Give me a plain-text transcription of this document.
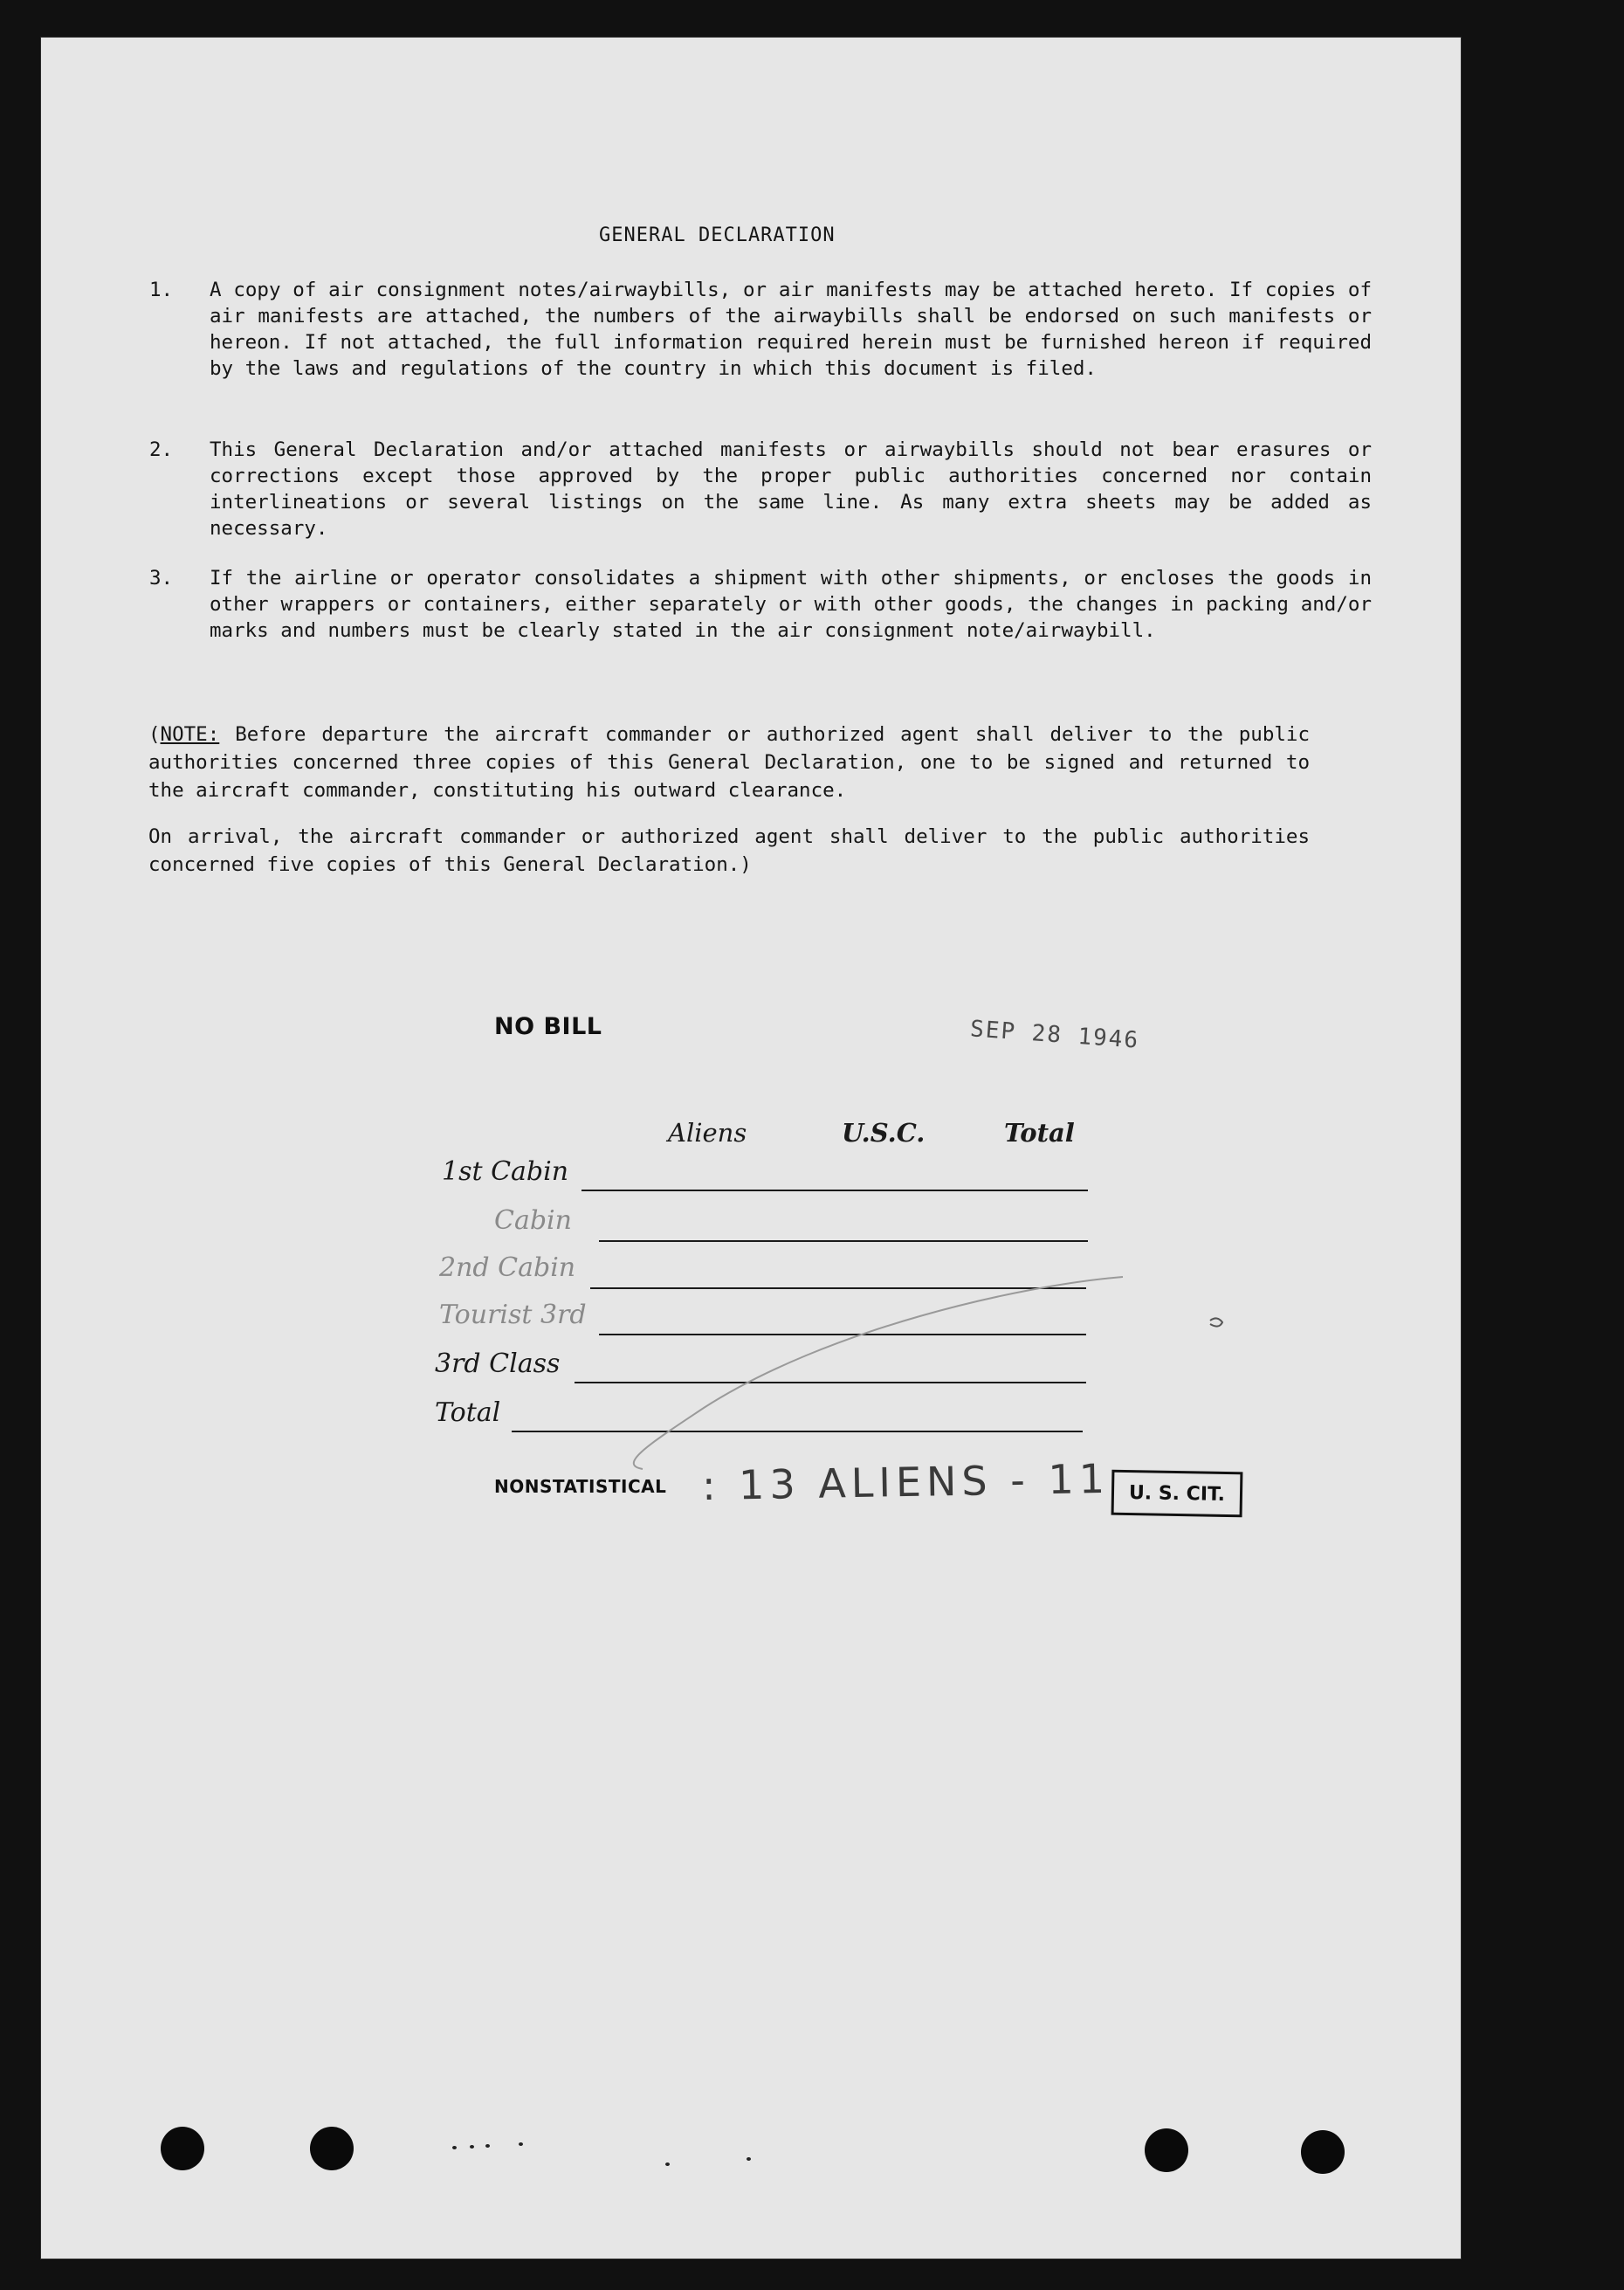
GENERAL DECLARATION
1. A copy of air consignment notes/airwaybills, or air manifests may be attached hereto. If copies of air manifests are attached, the numbers of the airwaybills shall be endorsed on such manifests or hereon. If not attached, the full information required herein must be furnished hereon if required by the laws and regulations of the country in which this document is filed.
2. This General Declaration and/or attached manifests or airwaybills should not bear erasures or corrections except those approved by the proper public authorities concerned nor contain interlineations or several listings on the same line. As many extra sheets may be added as necessary.
3. If the airline or operator consolidates a shipment with other shipments, or encloses the goods in other wrappers or containers, either separately or with other goods, the changes in packing and/or marks and numbers must be clearly stated in the air consignment note/airwaybill.
(NOTE: Before departure the aircraft commander or authorized agent shall deliver to the public authorities concerned three copies of this General Declaration, one to be signed and returned to the aircraft commander, constituting his outward clearance.
On arrival, the aircraft commander or authorized agent shall deliver to the public authorities concerned five copies of this General Declaration.)
NO BILL	SEP 28 1946
Aliens	U.S.C.	Total
1st Cabin
Cabin
2nd Cabin
Tourist 3rd
3rd Class
Total
NONSTATISTICAL : 13 ALIENS - 11 U. S. CIT.
